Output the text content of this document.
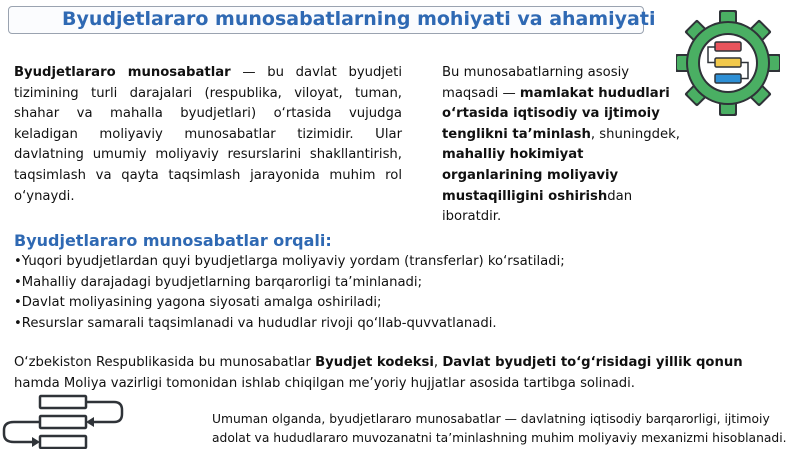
Byudjetlararo munosabatlarning mohiyati va ahamiyati
Byudjetlararo munosabatlar — bu davlat byudjeti tizimining turli darajalari (respublika, viloyat, tuman, shahar va mahalla byudjetlari) o‘rtasida vujudga keladigan moliyaviy munosabatlar tizimidir. Ular davlatning umumiy moliyaviy resurslarini shakllantirish, taqsimlash va qayta taqsimlash jarayonida muhim rol o‘ynaydi.
Bu munosabatlarning asosiy maqsadi — mamlakat hududlari o‘rtasida iqtisodiy va ijtimoiy tenglikni ta’minlash, shuningdek, mahalliy hokimiyat organlarining moliyaviy mustaqilligini oshirishdan iboratdir.
Byudjetlararo munosabatlar orqali:
•Yuqori byudjetlardan quyi byudjetlarga moliyaviy yordam (transferlar) ko‘rsatiladi;
•Mahalliy darajadagi byudjetlarning barqarorligi ta’minlanadi;
•Davlat moliyasining yagona siyosati amalga oshiriladi;
•Resurslar samarali taqsimlanadi va hududlar rivoji qo‘llab-quvvatlanadi.
O‘zbekiston Respublikasida bu munosabatlar Byudjet kodeksi, Davlat byudjeti to‘g‘risidagi yillik qonun hamda Moliya vazirligi tomonidan ishlab chiqilgan me’yoriy hujjatlar asosida tartibga solinadi.
Umuman olganda, byudjetlararo munosabatlar — davlatning iqtisodiy barqarorligi, ijtimoiy adolat va hududlararo muvozanatni ta’minlashning muhim moliyaviy mexanizmi hisoblanadi.
